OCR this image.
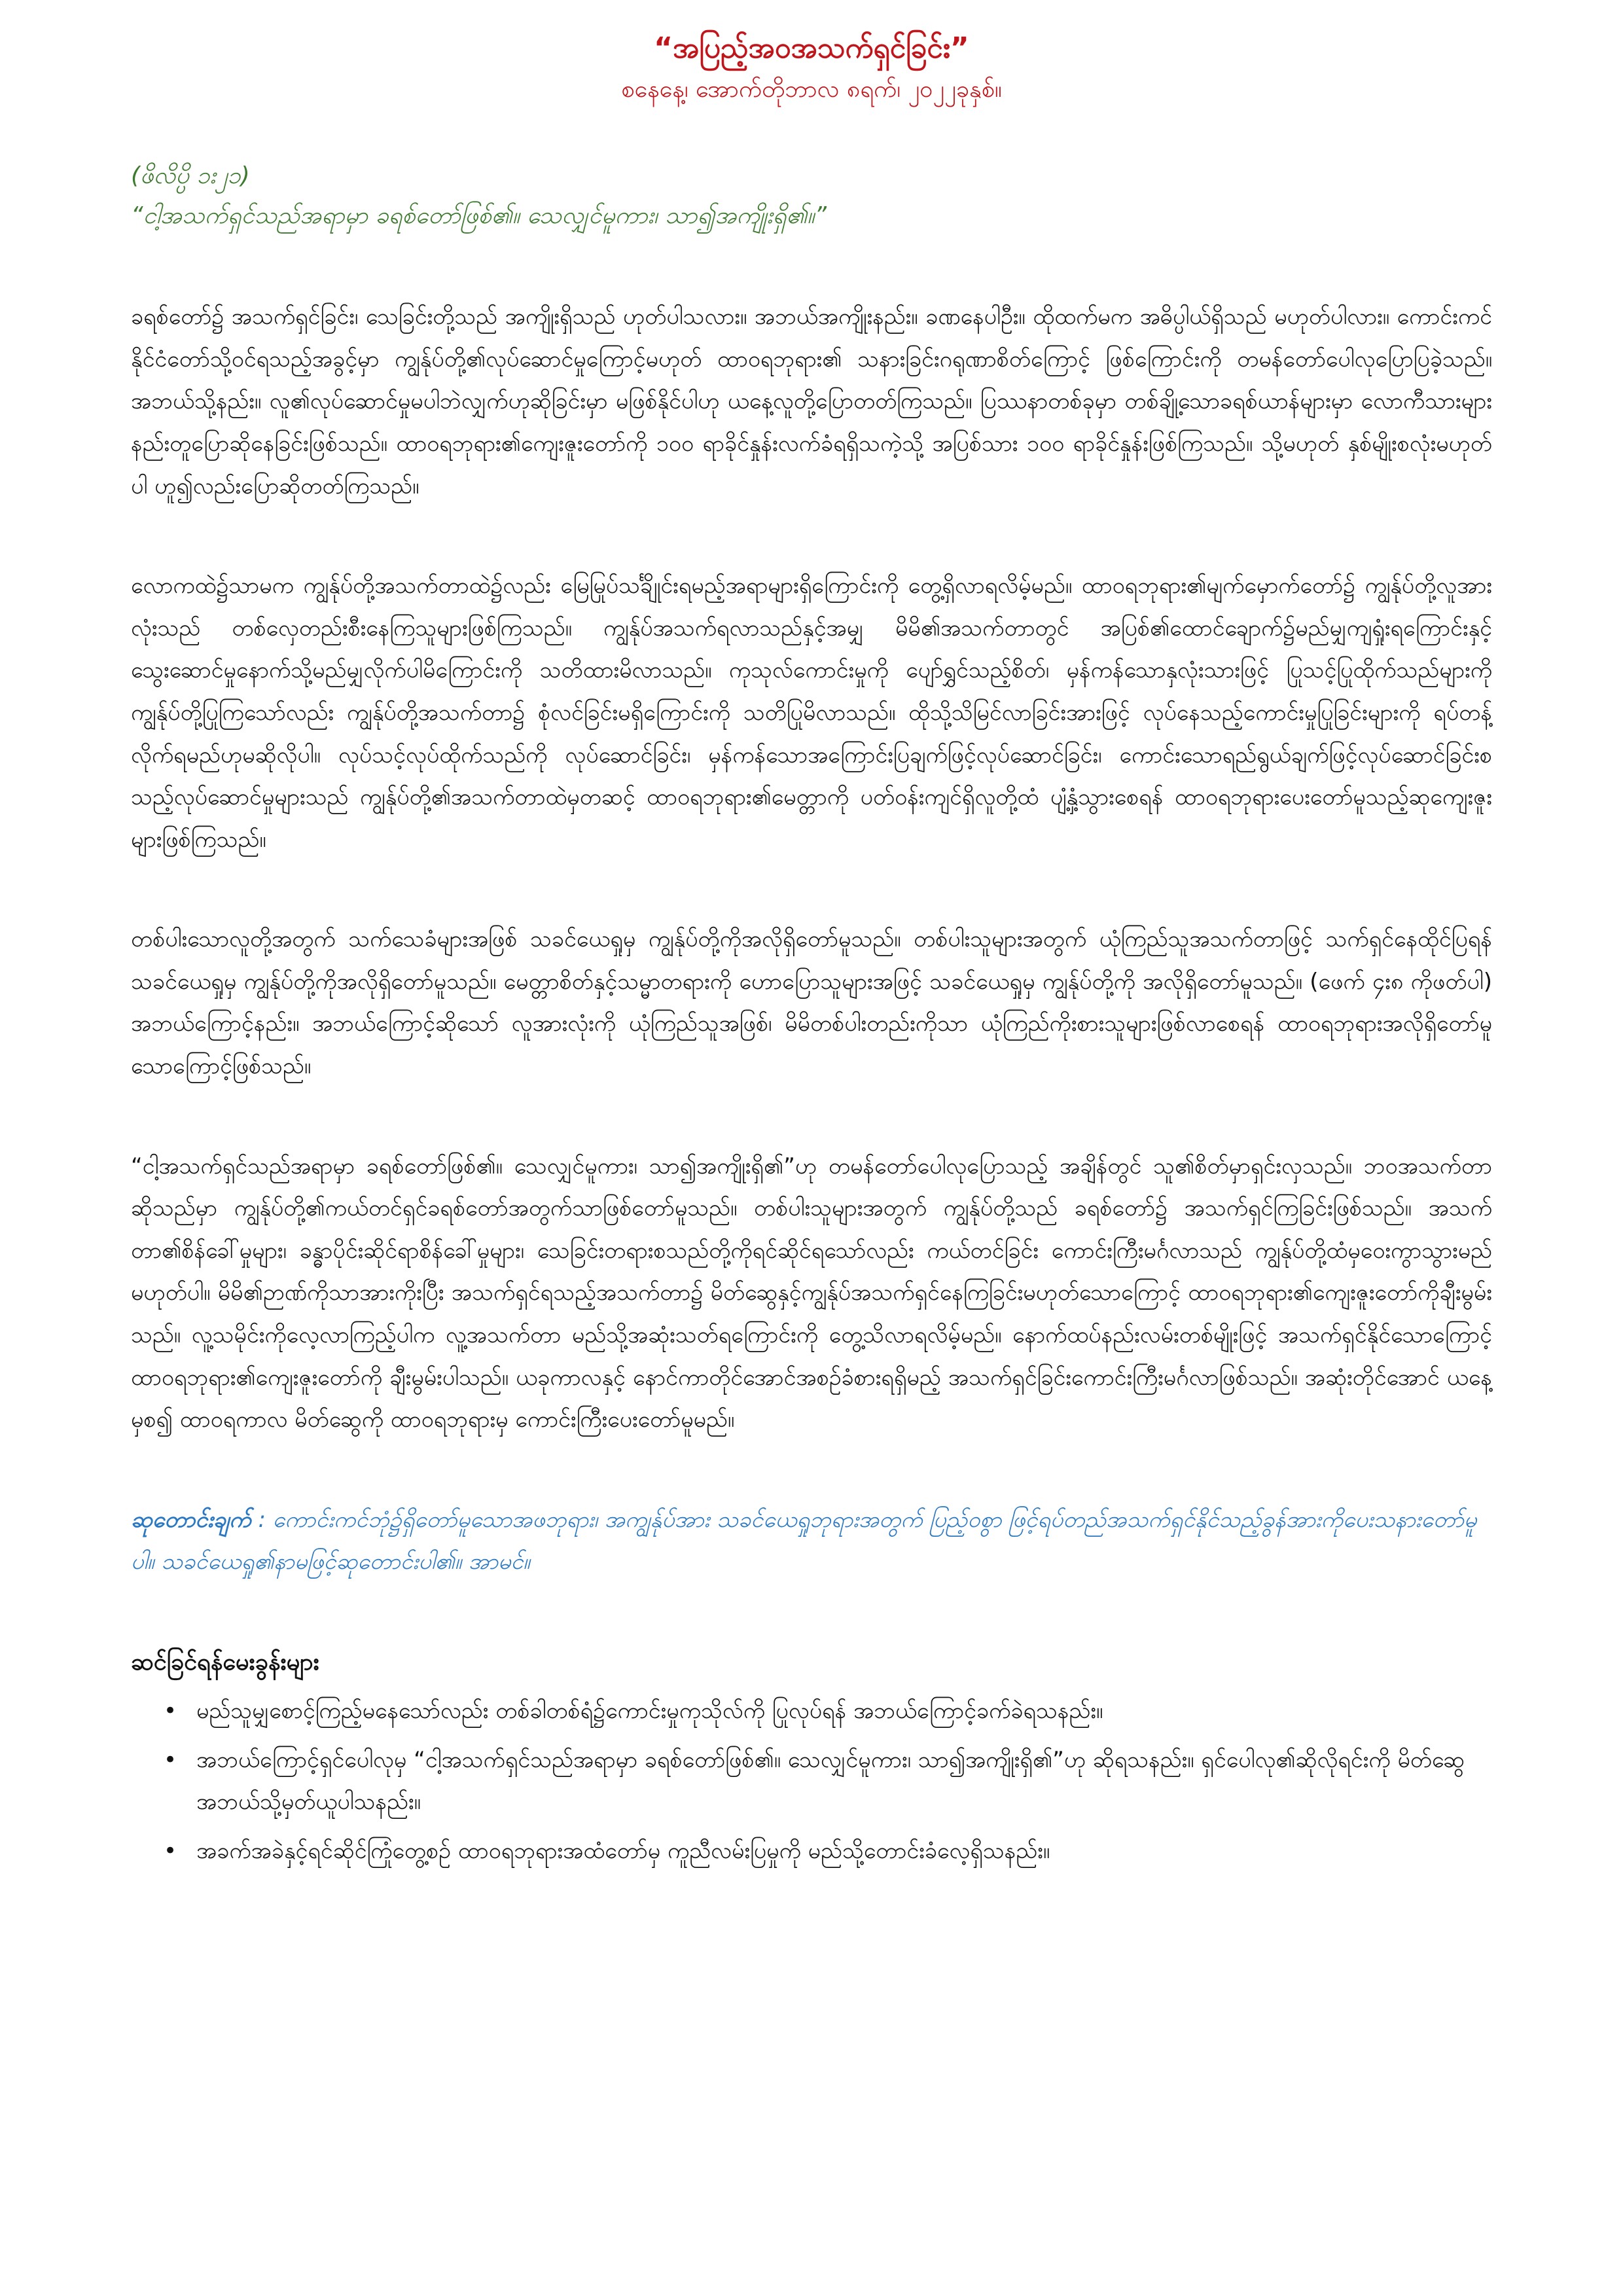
“အပြည့်အဝအသက်ရှင်ခြင်း”
စနေနေ့၊ အောက်တိုဘာလ ၈ရက်၊ ၂၀၂၂ခုနှစ်။

(ဖိလိပ္ပိ ၁း၂၁)

“ငါ့အသက်ရှင်သည်အရာမှာ ခရစ်တော်ဖြစ်၏။ သေလျှင်မူကား၊ သာ၍အကျိုးရှိ၏။”

ခရစ်တော်၌ အသက်ရှင်ခြင်း၊ သေခြင်းတို့သည် အကျိုးရှိသည် ဟုတ်ပါသလား။ အဘယ်အကျိုးနည်း။ ခဏနေပါဦး။ ထိုထက်မက အဓိပ္ပါယ်ရှိသည် မဟုတ်ပါလား။ ကောင်းကင်နိုင်ငံတော်သို့ဝင်ရသည့်အခွင့်မှာ ကျွန်ုပ်တို့၏လုပ်ဆောင်မှုကြောင့်မဟုတ် ထာဝရဘုရား၏ သနားခြင်းဂရုဏာစိတ်ကြောင့် ဖြစ်ကြောင်းကို တမန်တော်ပေါလုပြောပြခဲ့သည်။ အဘယ်သို့နည်း။ လူ၏လုပ်ဆောင်မှုမပါဘဲလျှက်ဟုဆိုခြင်းမှာ မဖြစ်နိုင်ပါဟု ယနေ့လူတို့ပြောတတ်ကြသည်။ ပြဿနာတစ်ခုမှာ တစ်ချို့သောခရစ်ယာန်များမှာ လောကီသားများနည်းတူပြောဆိုနေခြင်းဖြစ်သည်။ ထာဝရဘုရား၏ကျေးဇူးတော်ကို ၁၀၀ ရာခိုင်နှုန်းလက်ခံရရှိသကဲ့သို့ အပြစ်သား ၁၀၀ ရာခိုင်နှုန်းဖြစ်ကြသည်။ သို့မဟုတ် နှစ်မျိုးစလုံးမဟုတ်ပါ ဟူ၍လည်းပြောဆိုတတ်ကြသည်။

လောကထဲ၌သာမက ကျွန်ုပ်တို့အသက်တာထဲ၌လည်း မြေမြုပ်သင်္ချိုင်းရမည့်အရာများရှိကြောင်းကို တွေ့ရှိလာရလိမ့်မည်။ ထာဝရဘုရား၏မျက်မှောက်တော်၌ ကျွန်ုပ်တို့လူအားလုံးသည် တစ်လှေတည်းစီးနေကြသူများဖြစ်ကြသည်။ ကျွန်ုပ်အသက်ရလာသည်နှင့်အမျှ မိမိ၏အသက်တာတွင် အပြစ်၏ထောင်ချောက်၌မည်မျှကျရှုံးရကြောင်းနှင့် သွေးဆောင်မှုနောက်သို့မည်မျှလိုက်ပါမိကြောင်းကို သတိထားမိလာသည်။ ကုသုလ်ကောင်းမှုကို ပျော်ရွှင်သည့်စိတ်၊ မှန်ကန်သောနှလုံးသားဖြင့် ပြုသင့်ပြုထိုက်သည်များကို ကျွန်ုပ်တို့ပြုကြသော်လည်း ကျွန်ုပ်တို့အသက်တာ၌ စုံလင်ခြင်းမရှိကြောင်းကို သတိပြုမိလာသည်။ ထိုသို့သိမြင်လာခြင်းအားဖြင့် လုပ်နေသည့်ကောင်းမှုပြုခြင်းများကို ရပ်တန့်လိုက်ရမည်ဟုမဆိုလိုပါ။ လုပ်သင့်လုပ်ထိုက်သည်ကို လုပ်ဆောင်ခြင်း၊ မှန်ကန်သောအကြောင်းပြချက်ဖြင့်လုပ်ဆောင်ခြင်း၊ ကောင်းသောရည်ရွယ်ချက်ဖြင့်လုပ်ဆောင်ခြင်းစသည့်လုပ်ဆောင်မှုများသည် ကျွန်ုပ်တို့၏အသက်တာထဲမှတဆင့် ထာဝရဘုရား၏မေတ္တာကို ပတ်ဝန်းကျင်ရှိလူတို့ထံ ပျံ့နှံ့သွားစေရန် ထာဝရဘုရားပေးတော်မူသည့်ဆုကျေးဇူးများဖြစ်ကြသည်။

တစ်ပါးသောလူတို့အတွက် သက်သေခံများအဖြစ် သခင်ယေရှုမှ ကျွန်ုပ်တို့ကိုအလိုရှိတော်မူသည်။ တစ်ပါးသူများအတွက် ယုံကြည်သူအသက်တာဖြင့် သက်ရှင်နေထိုင်ပြရန် သခင်ယေရှုမှ ကျွန်ုပ်တို့ကိုအလိုရှိတော်မူသည်။ မေတ္တာစိတ်နှင့်သမ္မာတရားကို ဟောပြောသူများအဖြင့် သခင်ယေရှုမှ ကျွန်ုပ်တို့ကို အလိုရှိတော်မူသည်။ (ဖေက် ၄း၈ ကိုဖတ်ပါ) အဘယ်ကြောင့်နည်း။ အဘယ်ကြောင့်ဆိုသော် လူအားလုံးကို ယုံကြည်သူအဖြစ်၊ မိမိတစ်ပါးတည်းကိုသာ ယုံကြည်ကိုးစားသူများဖြစ်လာစေရန် ထာဝရဘုရားအလိုရှိတော်မူသောကြောင့်ဖြစ်သည်။

“ငါ့အသက်ရှင်သည်အရာမှာ ခရစ်တော်ဖြစ်၏။ သေလျှင်မူကား၊ သာ၍အကျိုးရှိ၏”ဟု တမန်တော်ပေါလုပြောသည့် အချိန်တွင် သူ၏စိတ်မှာရှင်းလှသည်။ ဘဝအသက်တာဆိုသည်မှာ ကျွန်ုပ်တို့၏ကယ်တင်ရှင်ခရစ်တော်အတွက်သာဖြစ်တော်မူသည်။ တစ်ပါးသူများအတွက် ကျွန်ုပ်တို့သည် ခရစ်တော်၌ အသက်ရှင်ကြခြင်းဖြစ်သည်။ အသက်တာ၏စိန်ခေါ်မှုများ၊ ခန္ဓာပိုင်းဆိုင်ရာစိန်ခေါ်မှုများ၊ သေခြင်းတရားစသည်တို့ကိုရင်ဆိုင်ရသော်လည်း ကယ်တင်ခြင်း ကောင်းကြီးမင်္ဂလာသည် ကျွန်ုပ်တို့ထံမှဝေးကွာသွားမည်မဟုတ်ပါ။ မိမိ၏ဉာဏ်ကိုသာအားကိုးပြီး အသက်ရှင်ရသည့်အသက်တာ၌ မိတ်ဆွေနှင့်ကျွန်ုပ်အသက်ရှင်နေကြခြင်းမဟုတ်သောကြောင့် ထာဝရဘုရား၏ကျေးဇူးတော်ကိုချီးမွမ်းသည်။ လူ့သမိုင်းကိုလေ့လာကြည့်ပါက လူ့အသက်တာ မည်သို့အဆုံးသတ်ရကြောင်းကို တွေ့သိလာရလိမ့်မည်။ နောက်ထပ်နည်းလမ်းတစ်မျိုးဖြင့် အသက်ရှင်နိုင်သောကြောင့် ထာဝရဘုရား၏ကျေးဇူးတော်ကို ချီးမွမ်းပါသည်။ ယခုကာလနှင့် နောင်ကာတိုင်အောင်အစဉ်ခံစားရရှိမည့် အသက်ရှင်ခြင်းကောင်းကြီးမင်္ဂလာဖြစ်သည်။ အဆုံးတိုင်အောင် ယနေ့မှစ၍ ထာဝရကာလ မိတ်ဆွေကို ထာဝရဘုရားမှ ကောင်းကြီးပေးတော်မူမည်။

ဆုတောင်းချက် : ကောင်းကင်ဘုံ၌ရှိတော်မူသောအဖဘုရား၊ အကျွန်ုပ်အား သခင်ယေရှုဘုရားအတွက် ပြည့်ဝစွာ ဖြင့်ရပ်တည်အသက်ရှင်နိုင်သည့်ခွန်အားကိုပေးသနားတော်မူပါ။ သခင်ယေရှု၏နာမဖြင့်ဆုတောင်းပါ၏။ အာမင်။

ဆင်ခြင်ရန်မေးခွန်းများ
• မည်သူမျှစောင့်ကြည့်မနေသော်လည်း တစ်ခါတစ်ရံ၌ကောင်းမှုကုသိုလ်ကို ပြုလုပ်ရန် အဘယ်ကြောင့်ခက်ခဲရသနည်း။
• အဘယ်ကြောင့်ရှင်ပေါလုမှ “ငါ့အသက်ရှင်သည်အရာမှာ ခရစ်တော်ဖြစ်၏။ သေလျှင်မူကား၊ သာ၍အကျိုးရှိ၏”ဟု ဆိုရသနည်း။ ရှင်ပေါလု၏ဆိုလိုရင်းကို မိတ်ဆွေအဘယ်သို့မှတ်ယူပါသနည်း။
• အခက်အခဲနှင့်ရင်ဆိုင်ကြုံတွေ့စဉ် ထာဝရဘုရားအထံတော်မှ ကူညီလမ်းပြမှုကို မည်သို့တောင်းခံလေ့ရှိသနည်း။
